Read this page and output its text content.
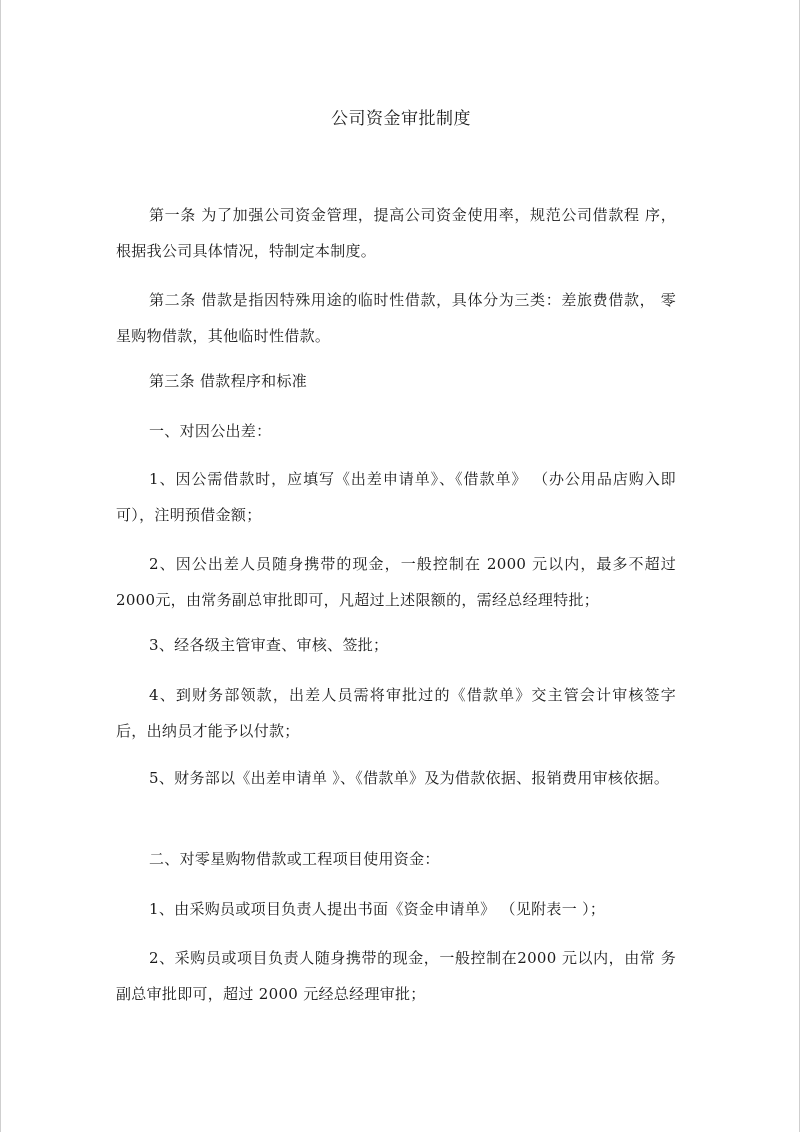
公司资金审批制度
第一条 为了加强公司资金管理，提高公司资金使用率，规范公司借款程 序，根据我公司具体情况，特制定本制度。
第二条 借款是指因特殊用途的临时性借款，具体分为三类：差旅费借款， 零星购物借款，其他临时性借款。
第三条 借款程序和标准
一、对因公出差：
1、因公需借款时，应填写《出差申请单》、《借款单》 （办公用品店购入即可），注明预借金额；
2、因公出差人员随身携带的现金，一般控制在 2000 元以内，最多不超过2000元，由常务副总审批即可，凡超过上述限额的，需经总经理特批；
3、经各级主管审查、审核、签批；
4、到财务部领款，出差人员需将审批过的《借款单》交主管会计审核签字后，出纳员才能予以付款；
5、财务部以《出差申请单 》、《借款单》及为借款依据、报销费用审核依据。
二、对零星购物借款或工程项目使用资金：
1、由采购员或项目负责人提出书面《资金申请单》 （见附表一 ）；
2、采购员或项目负责人随身携带的现金，一般控制在2000 元以内，由常 务副总审批即可，超过 2000 元经总经理审批；
